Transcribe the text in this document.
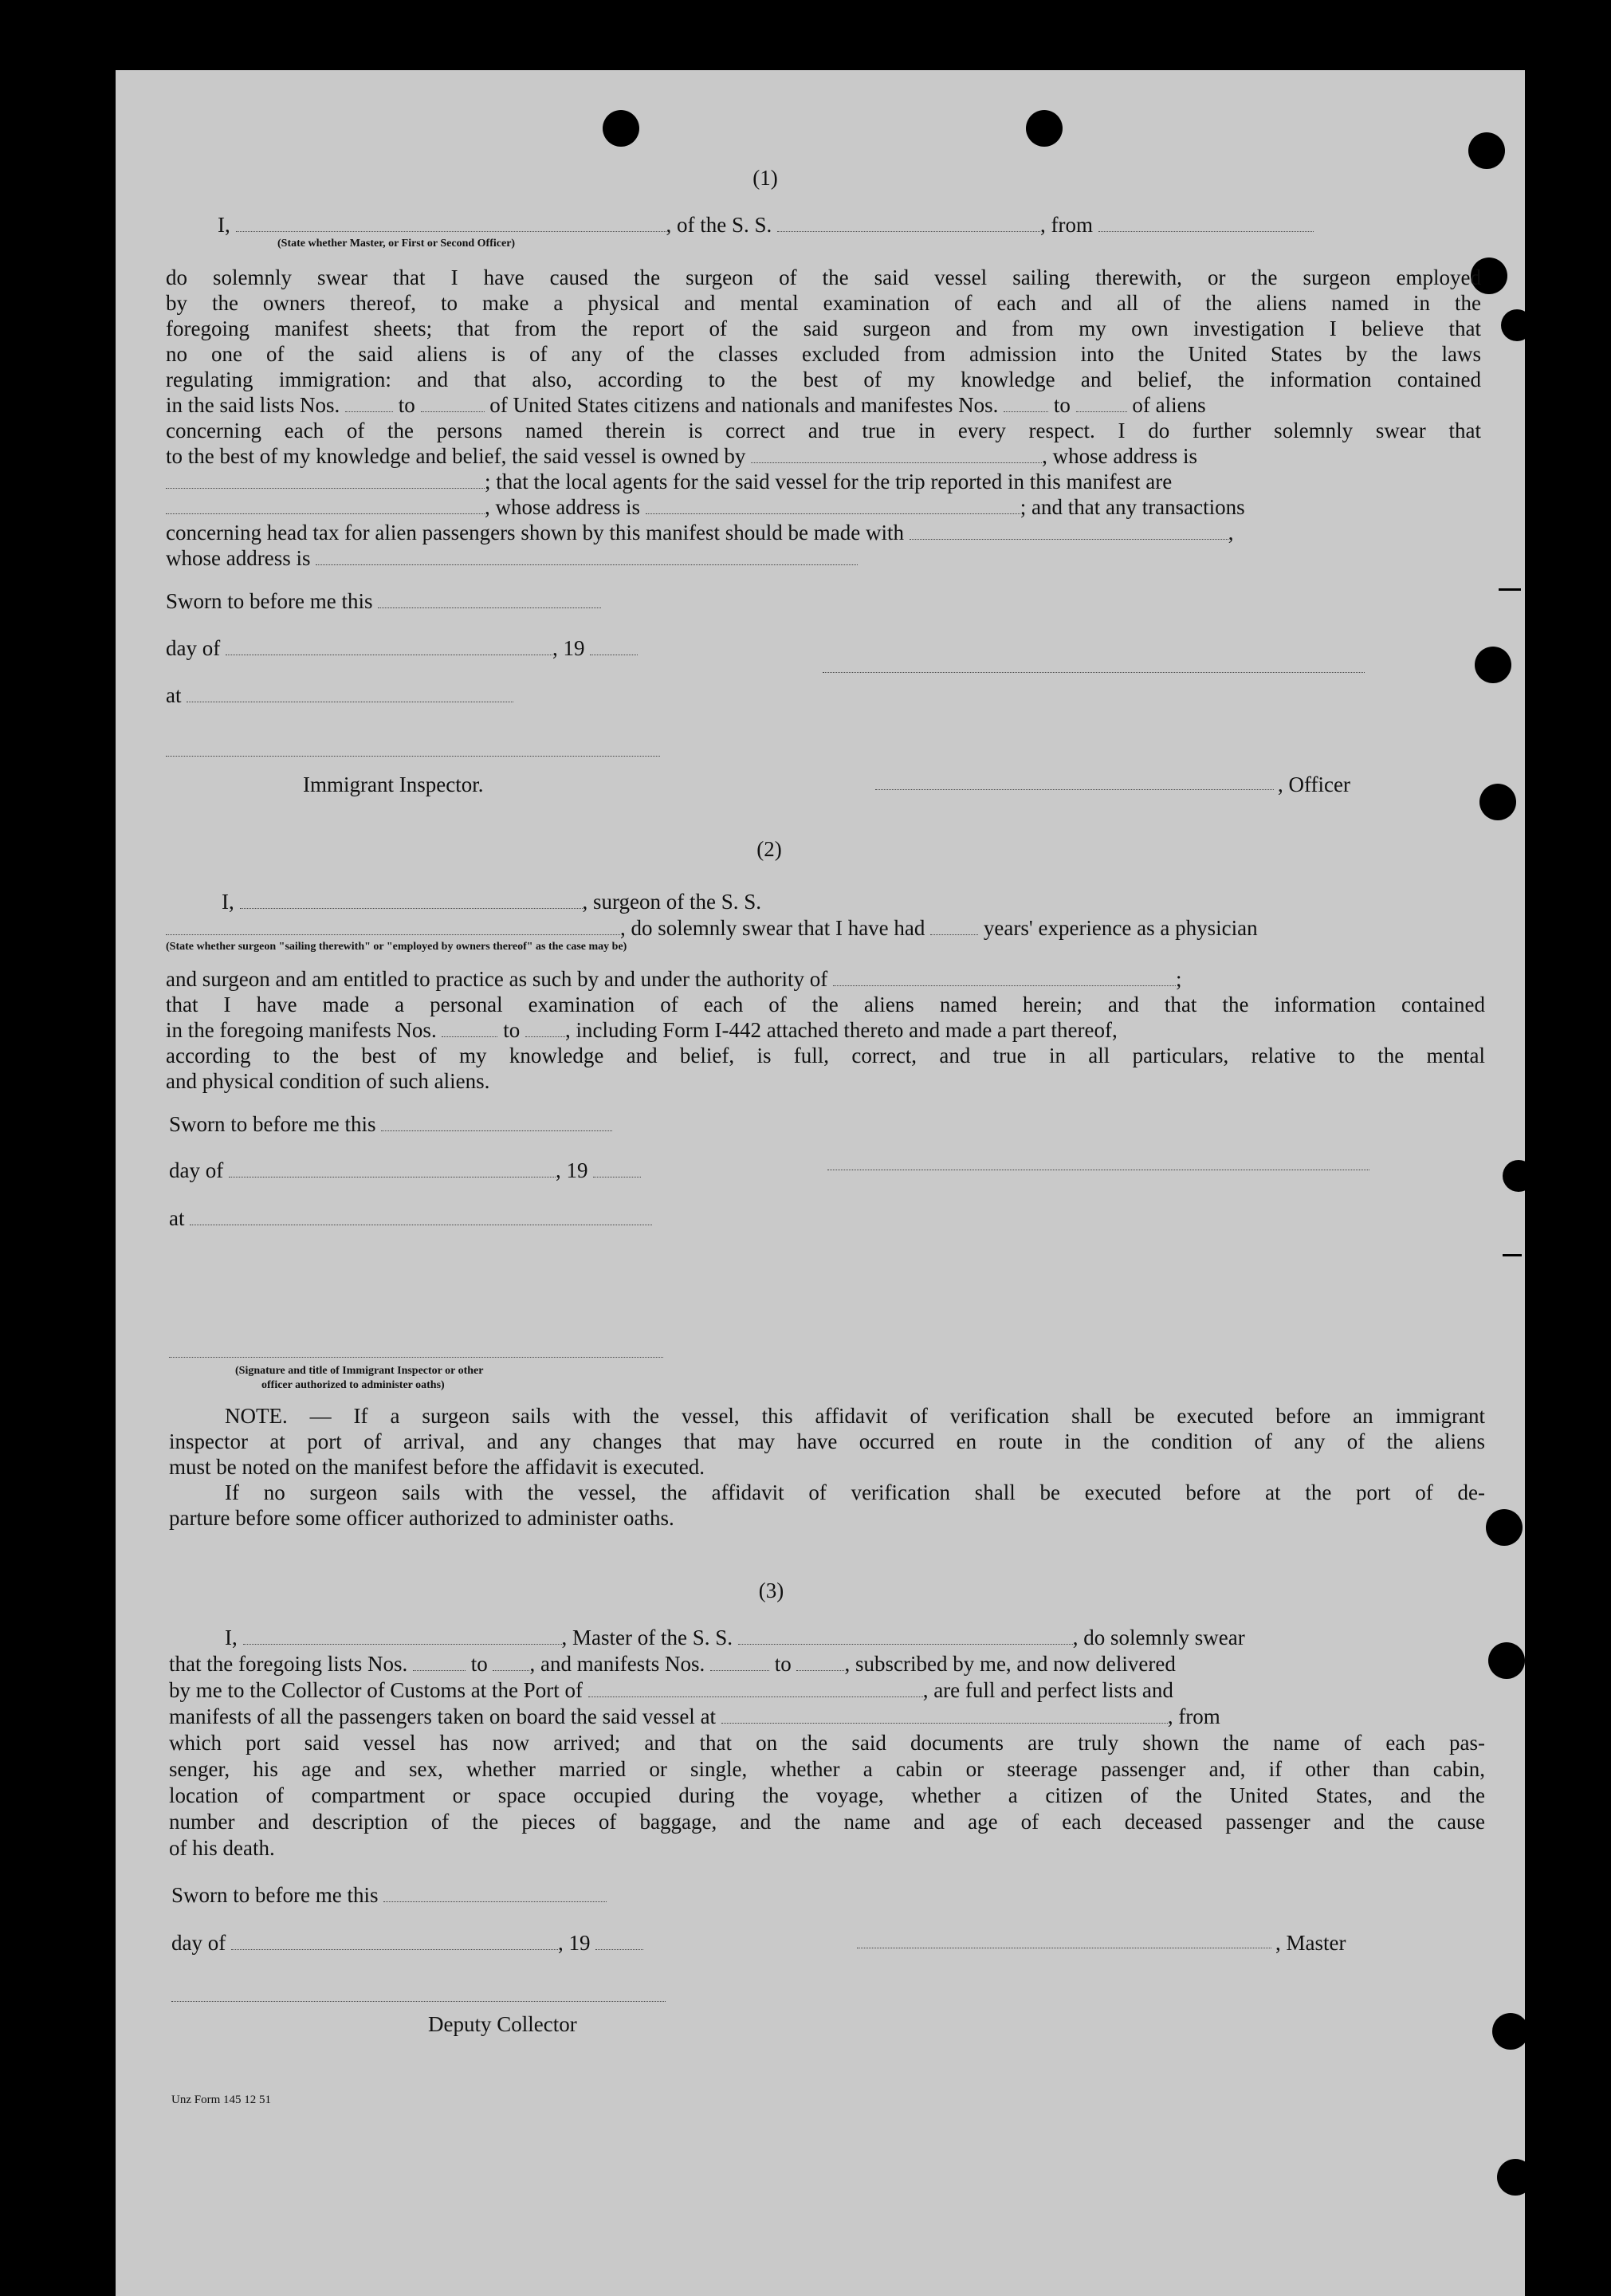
(1)
I,	, of the S. S.	, from
(State whether Master, or First or Second Officer)
do solemnly swear that I have caused the surgeon of the said vessel sailing therewith, or the surgeon employed
by the owners thereof, to make a physical and mental examination of each and all of the aliens named in the
foregoing manifest sheets; that from the report of the said surgeon and from my own investigation I believe that
no one of the said aliens is of any of the classes excluded from admission into the United States by the laws
regulating immigration: and that also, according to the best of my knowledge and belief, the information contained
in the said lists Nos.	to	of United States citizens and nationals and manifestes Nos.	to	of aliens
concerning each of the persons named therein is correct and true in every respect. I do further solemnly swear that
to the best of my knowledge and belief, the said vessel is owned by	, whose address is
; that the local agents for the said vessel for the trip reported in this manifest are
, whose address is	; and that any transactions
concerning head tax for alien passengers shown by this manifest should be made with	,
whose address is
Sworn to before me this
day of	, 19
at
Immigrant Inspector.	, Officer
(2)
I,	, surgeon of the S. S.
, do solemnly swear that I have had	years' experience as a physician
(State whether surgeon "sailing therewith" or "employed by owners thereof" as the case may be)
and surgeon and am entitled to practice as such by and under the authority of	;
that I have made a personal examination of each of the aliens named herein; and that the information contained
in the foregoing manifests Nos.	to , including Form I-442 attached thereto and made a part thereof,
according to the best of my knowledge and belief, is full, correct, and true in all particulars, relative to the mental
and physical condition of such aliens.
Sworn to before me this
day of	, 19
at
(Signature and title of Immigrant Inspector or other
officer authorized to administer oaths)
NOTE. — If a surgeon sails with the vessel, this affidavit of verification shall be executed before an immigrant
inspector at port of arrival, and any changes that may have occurred en route in the condition of any of the aliens
must be noted on the manifest before the affidavit is executed.
If no surgeon sails with the vessel, the affidavit of verification shall be executed before at the port of de-
parture before some officer authorized to administer oaths.
(3)
I,	, Master of the S. S.	, do solemnly swear
that the foregoing lists Nos.	to , and manifests Nos.	to , subscribed by me, and now delivered
by me to the Collector of Customs at the Port of	, are full and perfect lists and
manifests of all the passengers taken on board the said vessel at	, from
which port said vessel has now arrived; and that on the said documents are truly shown the name of each pas-
senger, his age and sex, whether married or single, whether a cabin or steerage passenger and, if other than cabin,
location of compartment or space occupied during the voyage, whether a citizen of the United States, and the
number and description of the pieces of baggage, and the name and age of each deceased passenger and the cause
of his death.
Sworn to before me this
day of	, 19	, Master
Deputy Collector
Unz Form 145 12 51
